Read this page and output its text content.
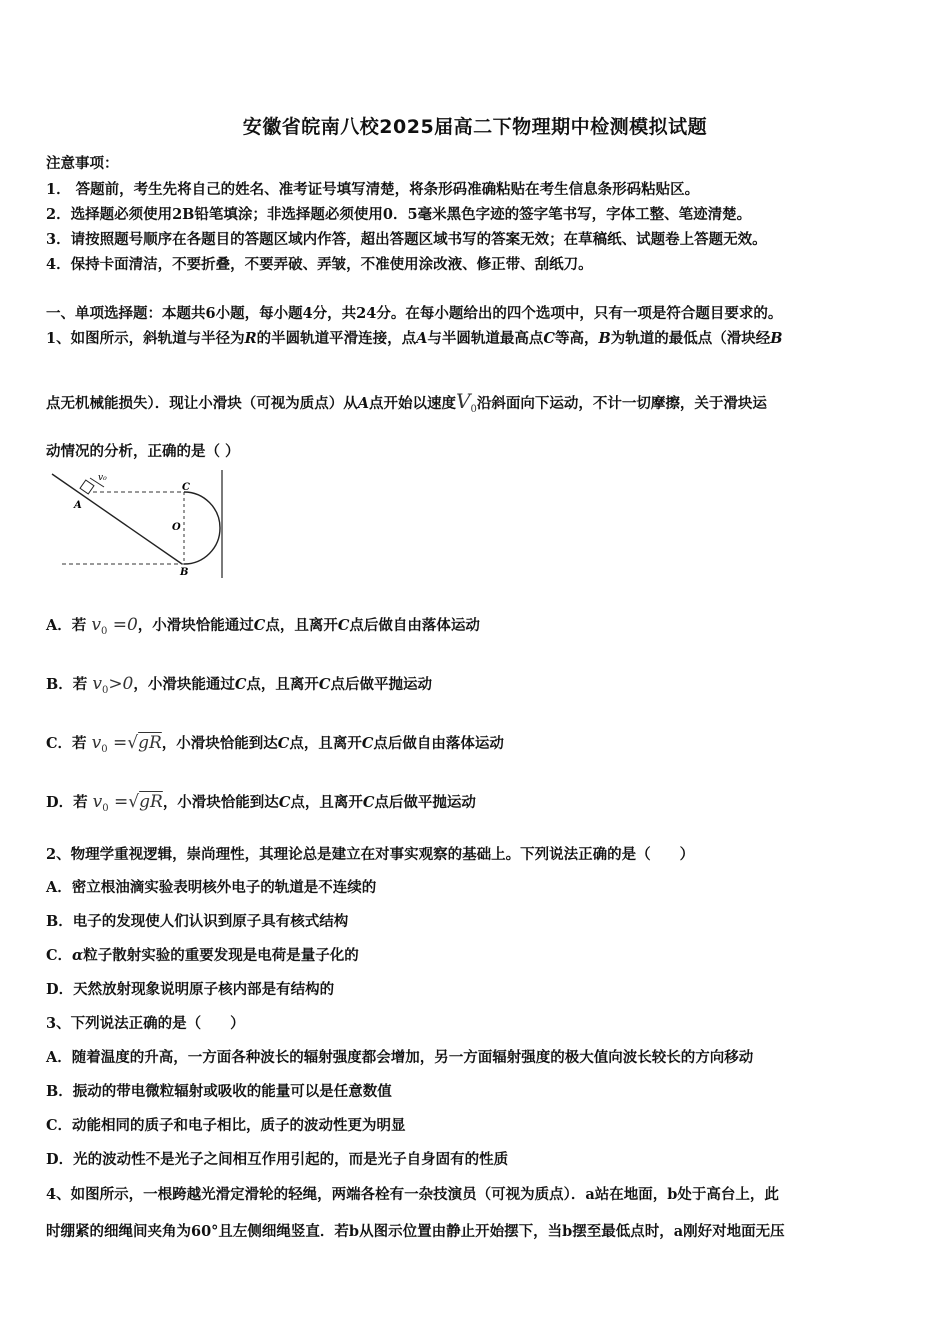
安徽省皖南八校2025届高二下物理期中检测模拟试题
注意事项：
1． 答题前，考生先将自己的姓名、准考证号填写清楚，将条形码准确粘贴在考生信息条形码粘贴区。
2．选择题必须使用2B铅笔填涂；非选择题必须使用0．5毫米黑色字迹的签字笔书写，字体工整、笔迹清楚。
3．请按照题号顺序在各题目的答题区域内作答，超出答题区域书写的答案无效；在草稿纸、试题卷上答题无效。
4．保持卡面清洁，不要折叠，不要弄破、弄皱，不准使用涂改液、修正带、刮纸刀。
一、单项选择题：本题共6小题，每小题4分，共24分。在每小题给出的四个选项中，只有一项是符合题目要求的。
1、如图所示，斜轨道与半径为R的半圆轨道平滑连接，点A与半圆轨道最高点C等高，B为轨道的最低点（滑块经B
点无机械能损失）．现让小滑块（可视为质点）从A点开始以速度$V_0$沿斜面向下运动，不计一切摩擦，关于滑块运
动情况的分析，正确的是（ ）
v₀
A
C
O
B
A．若 $v_0 =0$，小滑块恰能通过C点，且离开C点后做自由落体运动
B．若 $v_0>0$，小滑块能通过C点，且离开C点后做平抛运动
C．若 $v_0 =√gR$，小滑块恰能到达C点，且离开C点后做自由落体运动
D．若 $v_0 =√gR$，小滑块恰能到达C点，且离开C点后做平抛运动
2、物理学重视逻辑，崇尚理性，其理论总是建立在对事实观察的基础上。下列说法正确的是（　　）
A．密立根油滴实验表明核外电子的轨道是不连续的
B．电子的发现使人们认识到原子具有核式结构
C．α粒子散射实验的重要发现是电荷是量子化的
D．天然放射现象说明原子核内部是有结构的
3、下列说法正确的是（　　）
A．随着温度的升高，一方面各种波长的辐射强度都会增加，另一方面辐射强度的极大值向波长较长的方向移动
B．振动的带电微粒辐射或吸收的能量可以是任意数值
C．动能相同的质子和电子相比，质子的波动性更为明显
D．光的波动性不是光子之间相互作用引起的，而是光子自身固有的性质
4、如图所示，一根跨越光滑定滑轮的轻绳，两端各栓有一杂技演员（可视为质点）．a站在地面，b处于高台上，此
时绷紧的细绳间夹角为60°且左侧细绳竖直．若b从图示位置由静止开始摆下，当b摆至最低点时，a刚好对地面无压
